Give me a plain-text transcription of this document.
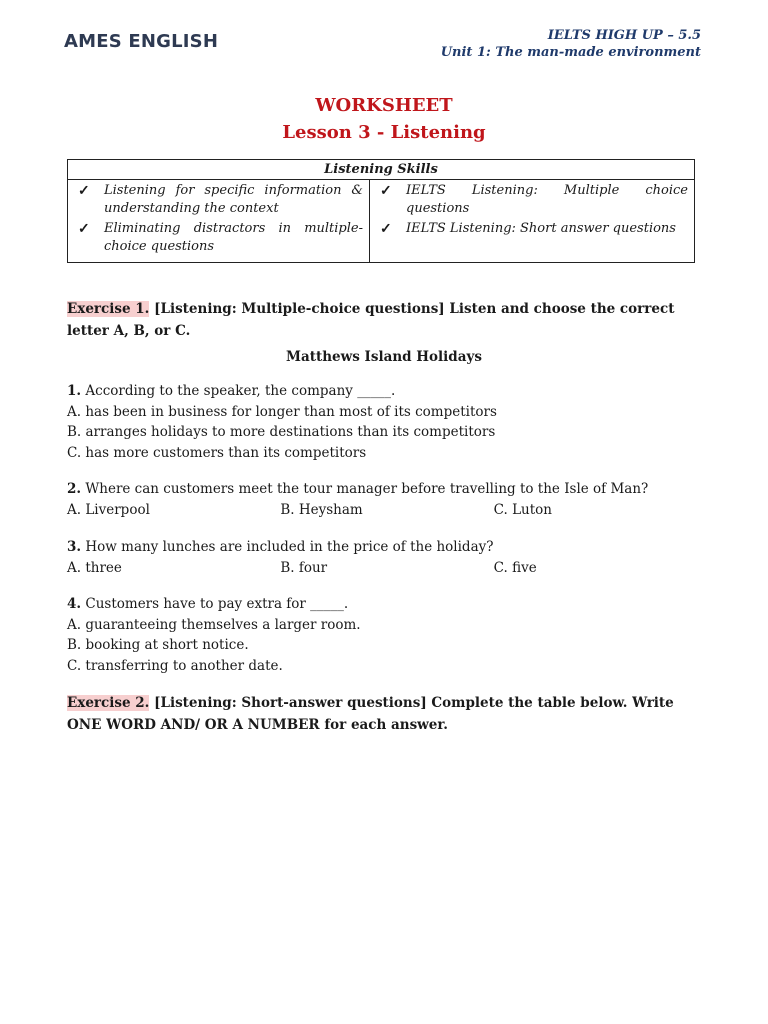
AMES ENGLISH	IELTS HIGH UP – 5.5
Unit 1: The man-made environment
WORKSHEET
Lesson 3 - Listening
Listening Skills
✓	Listening for specific information & understanding the context
✓	Eliminating distractors in multiple-choice questions
✓	IELTS Listening: Multiple choice questions
✓	IELTS Listening: Short answer questions
Exercise 1. [Listening: Multiple-choice questions] Listen and choose the correct letter A, B, or C.
Matthews Island Holidays
1. According to the speaker, the company _____.
A. has been in business for longer than most of its competitors
B. arranges holidays to more destinations than its competitors
C. has more customers than its competitors
2. Where can customers meet the tour manager before travelling to the Isle of Man?
A. Liverpool	B. Heysham	C. Luton
3. How many lunches are included in the price of the holiday?
A. three	B. four	C. five
4. Customers have to pay extra for _____.
A. guaranteeing themselves a larger room.
B. booking at short notice.
C. transferring to another date.
Exercise 2. [Listening: Short-answer questions] Complete the table below. Write ONE WORD AND/ OR A NUMBER for each answer.
